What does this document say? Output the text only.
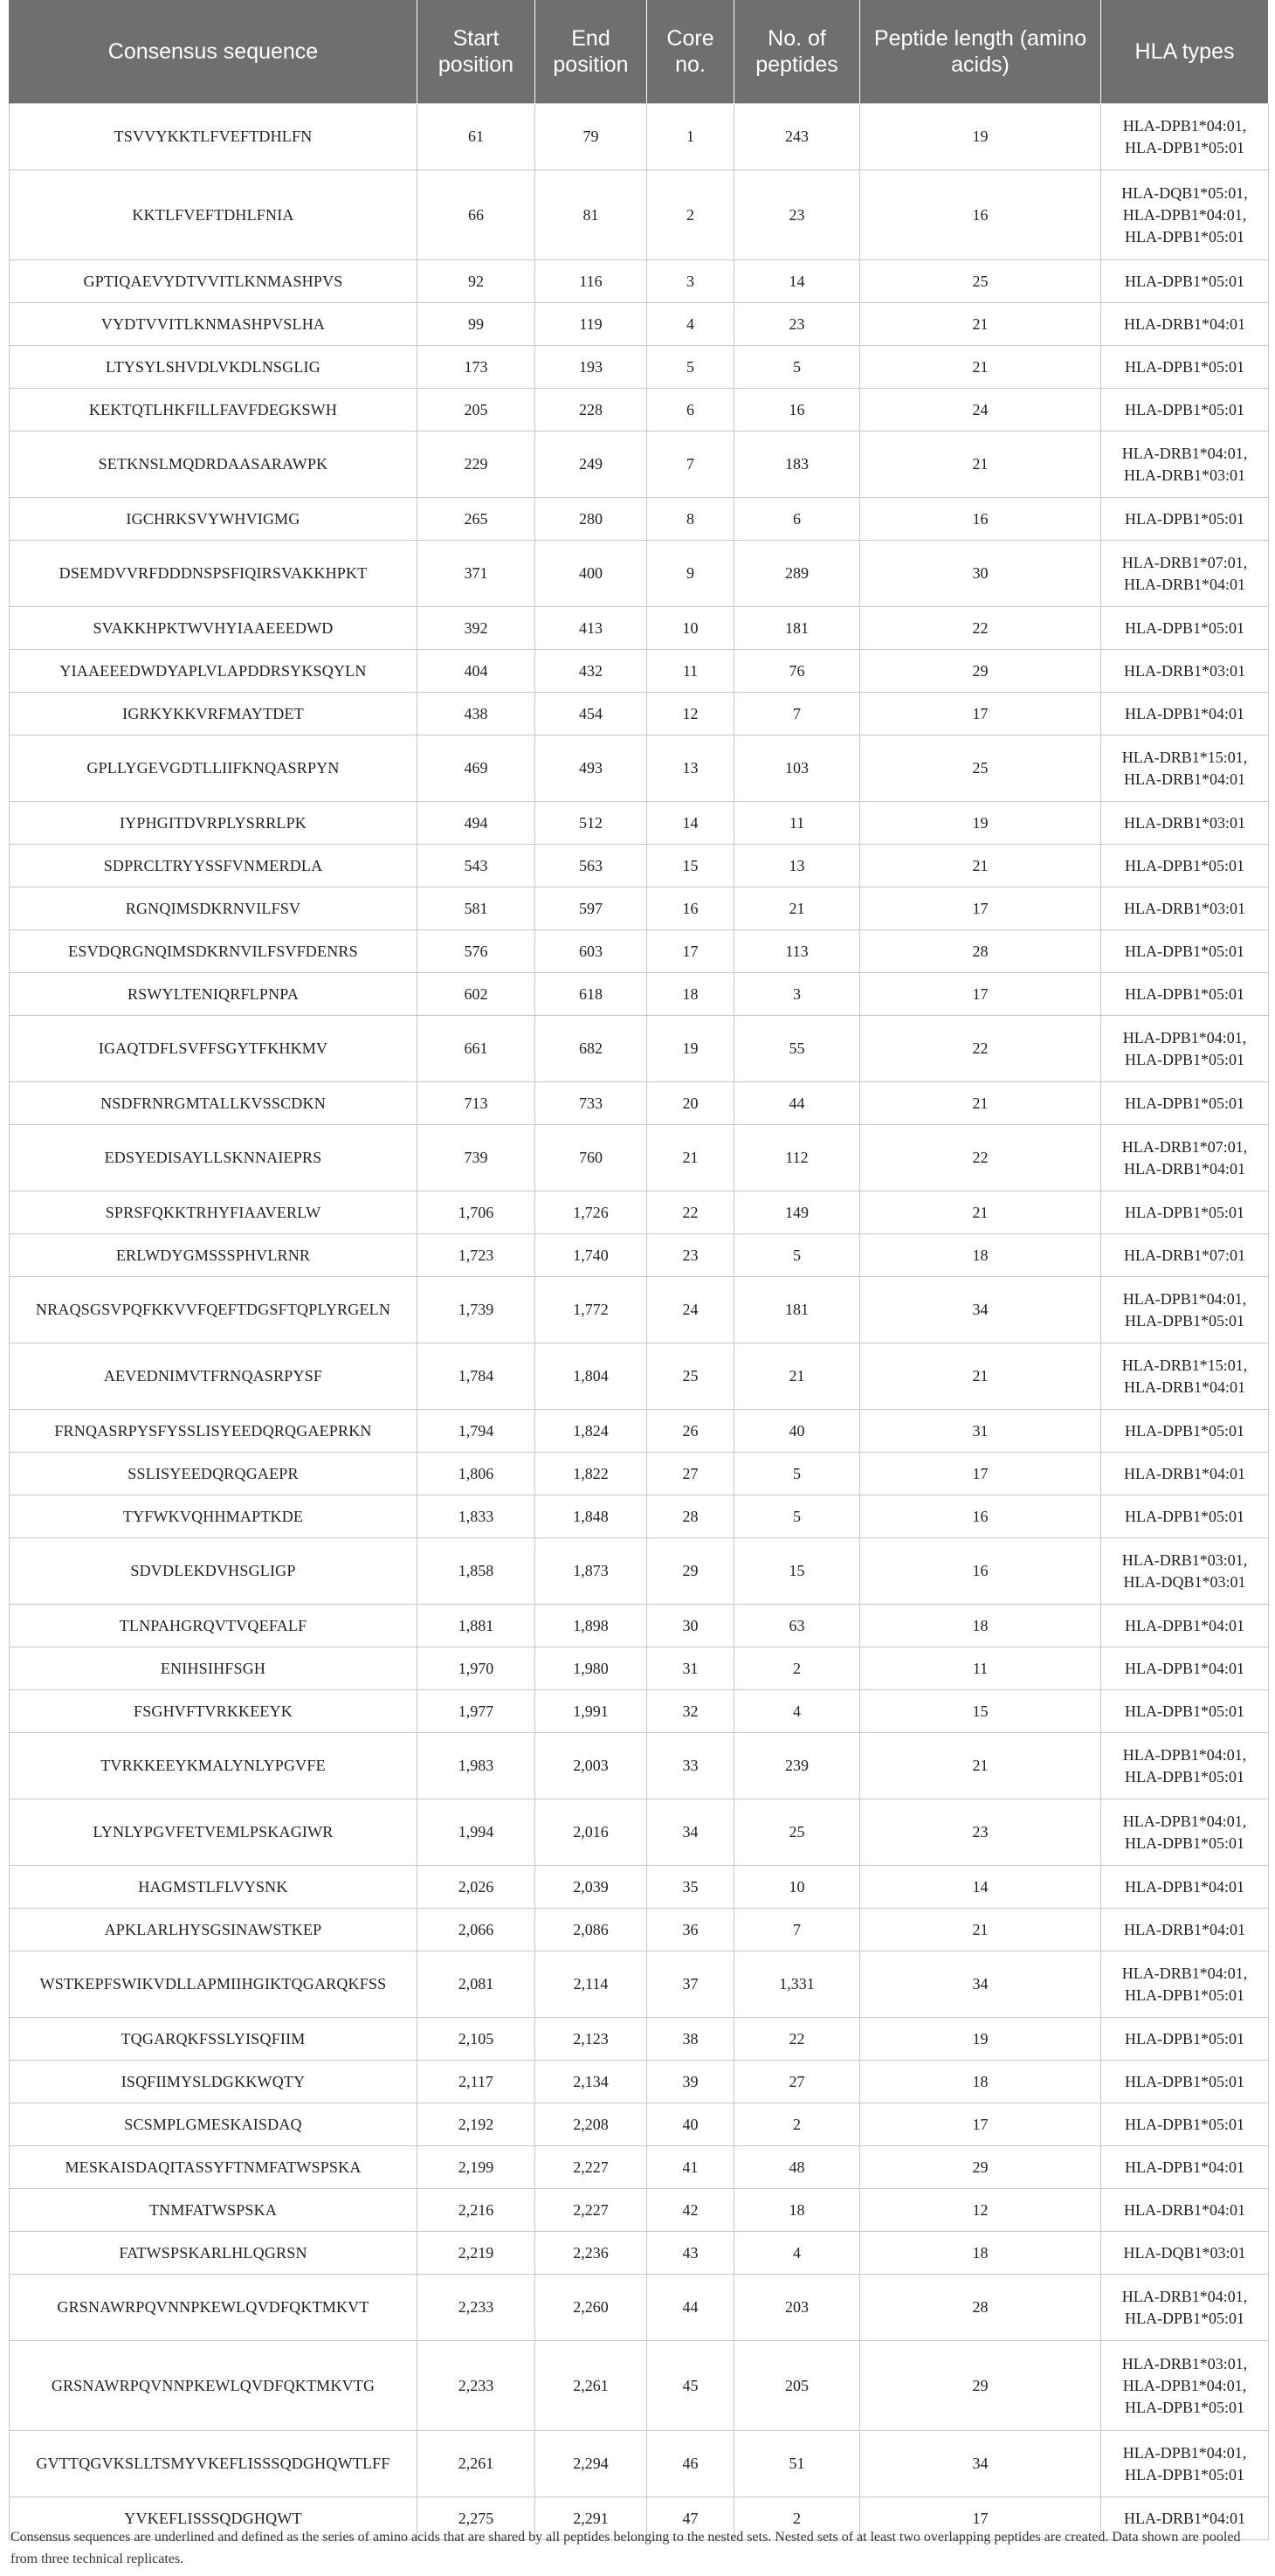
Consensus sequence	Start position	End position	Core no.	No. of peptides	Peptide length (amino acids)	HLA types
TSVVYKKTLFVEFTDHLFN	61	79	1	243	19	HLA-DPB1*04:01,
HLA-DPB1*05:01

KKTLFVEFTDHLFNIA	66	81	2	23	16	HLA-DQB1*05:01,
HLA-DPB1*04:01,
HLA-DPB1*05:01

GPTIQAEVYDTVVITLKNMASHPVS	92	116	3	14	25	HLA-DPB1*05:01

VYDTVVITLKNMASHPVSLHA	99	119	4	23	21	HLA-DRB1*04:01

LTYSYLSHVDLVKDLNSGLIG	173	193	5	5	21	HLA-DPB1*05:01

KEKTQTLHKFILLFAVFDEGKSWH	205	228	6	16	24	HLA-DPB1*05:01

SETKNSLMQDRDAASARAWPK	229	249	7	183	21	HLA-DRB1*04:01,
HLA-DRB1*03:01

IGCHRKSVYWHVIGMG	265	280	8	6	16	HLA-DPB1*05:01

DSEMDVVRFDDDNSPSFIQIRSVAKKHPKT	371	400	9	289	30	HLA-DRB1*07:01,
HLA-DRB1*04:01

SVAKKHPKTWVHYIAAEEEDWD	392	413	10	181	22	HLA-DPB1*05:01

YIAAEEEDWDYAPLVLAPDDRSYKSQYLN	404	432	11	76	29	HLA-DRB1*03:01

IGRKYKKVRFMAYTDET	438	454	12	7	17	HLA-DPB1*04:01

GPLLYGEVGDTLLIIFKNQASRPYN	469	493	13	103	25	HLA-DRB1*15:01,
HLA-DRB1*04:01

IYPHGITDVRPLYSRRLPK	494	512	14	11	19	HLA-DRB1*03:01

SDPRCLTRYYSSFVNMERDLA	543	563	15	13	21	HLA-DPB1*05:01

RGNQIMSDKRNVILFSV	581	597	16	21	17	HLA-DRB1*03:01

ESVDQRGNQIMSDKRNVILFSVFDENRS	576	603	17	113	28	HLA-DPB1*05:01

RSWYLTENIQRFLPNPA	602	618	18	3	17	HLA-DPB1*05:01

IGAQTDFLSVFFSGYTFKHKMV	661	682	19	55	22	HLA-DPB1*04:01,
HLA-DPB1*05:01

NSDFRNRGMTALLKVSSCDKN	713	733	20	44	21	HLA-DPB1*05:01

EDSYEDISAYLLSKNNAIEPRS	739	760	21	112	22	HLA-DRB1*07:01,
HLA-DRB1*04:01

SPRSFQKKTRHYFIAAVERLW	1,706	1,726	22	149	21	HLA-DPB1*05:01

ERLWDYGMSSSPHVLRNR	1,723	1,740	23	5	18	HLA-DRB1*07:01

NRAQSGSVPQFKKVVFQEFTDGSFTQPLYRGELN	1,739	1,772	24	181	34	HLA-DPB1*04:01,
HLA-DPB1*05:01

AEVEDNIMVTFRNQASRPYSF	1,784	1,804	25	21	21	HLA-DRB1*15:01,
HLA-DRB1*04:01

FRNQASRPYSFYSSLISYEEDQRQGAEPRKN	1,794	1,824	26	40	31	HLA-DPB1*05:01

SSLISYEEDQRQGAEPR	1,806	1,822	27	5	17	HLA-DRB1*04:01

TYFWKVQHHMAPTKDE	1,833	1,848	28	5	16	HLA-DPB1*05:01

SDVDLEKDVHSGLIGP	1,858	1,873	29	15	16	HLA-DRB1*03:01,
HLA-DQB1*03:01

TLNPAHGRQVTVQEFALF	1,881	1,898	30	63	18	HLA-DPB1*04:01

ENIHSIHFSGH	1,970	1,980	31	2	11	HLA-DPB1*04:01

FSGHVFTVRKKEEYK	1,977	1,991	32	4	15	HLA-DPB1*05:01

TVRKKEEYKMALYNLYPGVFE	1,983	2,003	33	239	21	HLA-DPB1*04:01,
HLA-DPB1*05:01

LYNLYPGVFETVEMLPSKAGIWR	1,994	2,016	34	25	23	HLA-DPB1*04:01,
HLA-DPB1*05:01

HAGMSTLFLVYSNK	2,026	2,039	35	10	14	HLA-DPB1*04:01

APKLARLHYSGSINAWSTKEP	2,066	2,086	36	7	21	HLA-DRB1*04:01

WSTKEPFSWIKVDLLAPMIIHGIKTQGARQKFSS	2,081	2,114	37	1,331	34	HLA-DRB1*04:01,
HLA-DPB1*05:01

TQGARQKFSSLYISQFIIM	2,105	2,123	38	22	19	HLA-DPB1*05:01

ISQFIIMYSLDGKKWQTY	2,117	2,134	39	27	18	HLA-DPB1*05:01

SCSMPLGMESKAISDAQ	2,192	2,208	40	2	17	HLA-DPB1*05:01

MESKAISDAQITASSYFTNMFATWSPSKA	2,199	2,227	41	48	29	HLA-DPB1*04:01

TNMFATWSPSKA	2,216	2,227	42	18	12	HLA-DRB1*04:01

FATWSPSKARLHLQGRSN	2,219	2,236	43	4	18	HLA-DQB1*03:01

GRSNAWRPQVNNPKEWLQVDFQKTMKVT	2,233	2,260	44	203	28	HLA-DRB1*04:01,
HLA-DPB1*05:01

GRSNAWRPQVNNPKEWLQVDFQKTMKVTG	2,233	2,261	45	205	29	HLA-DRB1*03:01,
HLA-DPB1*04:01,
HLA-DPB1*05:01

GVTTQGVKSLLTSMYVKEFLISSSQDGHQWTLFF	2,261	2,294	46	51	34	HLA-DPB1*04:01,
HLA-DPB1*05:01

YVKEFLISSSQDGHQWT	2,275	2,291	47	2	17	HLA-DRB1*04:01
Consensus sequences are underlined and defined as the series of amino acids that are shared by all peptides belonging to the nested sets. Nested sets of at least two overlapping peptides are created. Data shown are pooled from three technical replicates.
